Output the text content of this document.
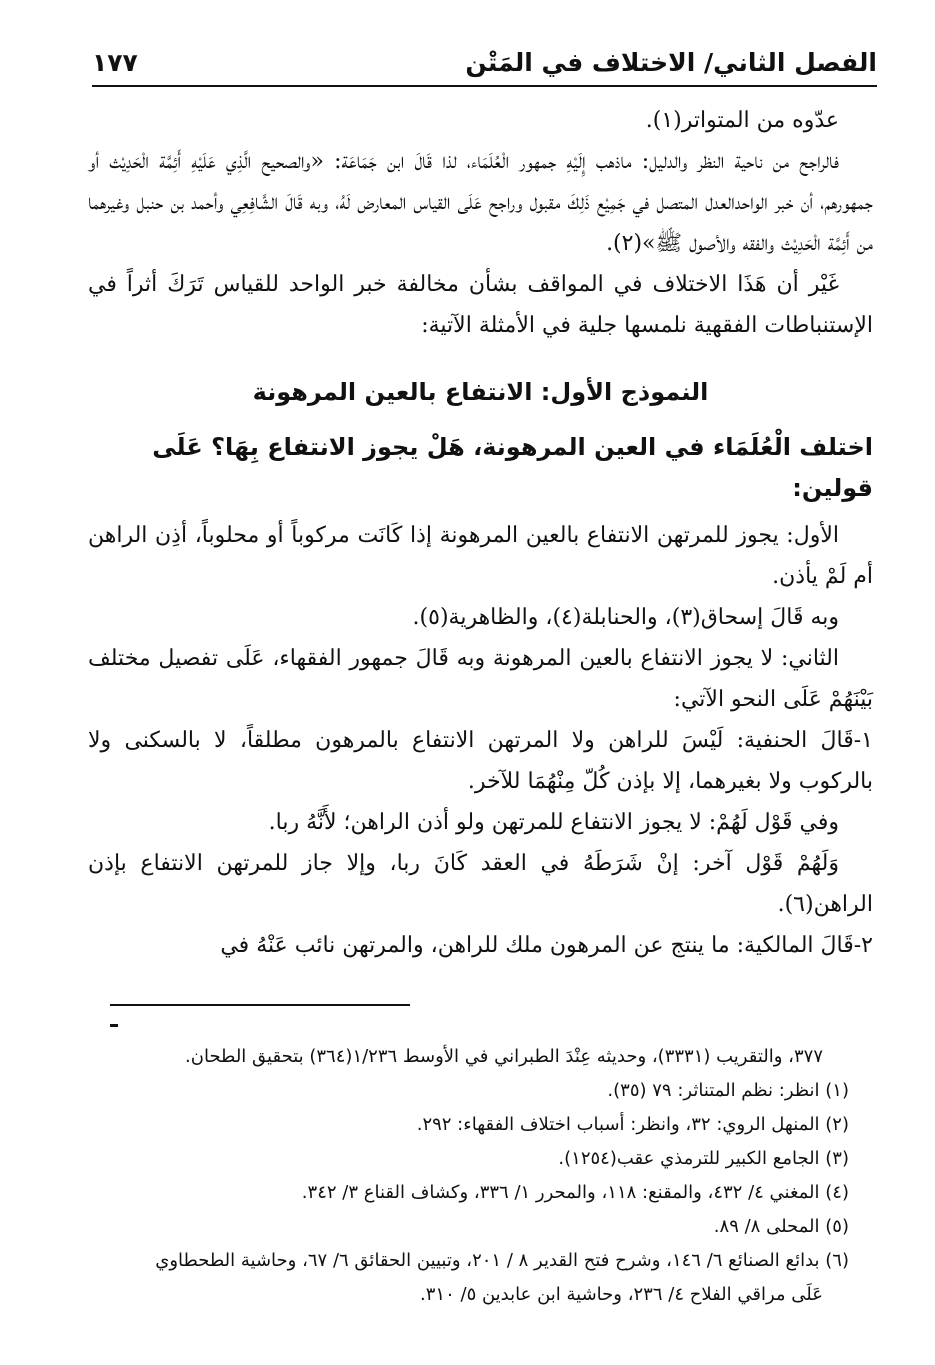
الفصل الثاني/ الاختلاف في المَتْن
١٧٧

عدّوه من المتواتر(١).

فالراجح من ناحية النظر والدليل: ماذهب إِلَيْهِ جمهور الْعُلَمَاء، لذا قَالَ ابن جَمَاعَة: «والصحيح الَّذِي عَلَيْهِ أَئِمَّة الْحَدِيْث أو جمهورهم، أن خبر الواحدالعدل المتصل في جَمِيْع ذَلِكَ مقبول وراجح عَلَى القياس المعارض لَهُ، وبه قَالَ الشَّافِعِي وأحمد بن حنبل وغيرهما من أَئِمَّة الْحَدِيْث والفقه والأصول ﷺ»(٢).

غَيْر أن هَذَا الاختلاف في المواقف بشأن مخالفة خبر الواحد للقياس تَرَكَ أثراً في الإستنباطات الفقهية نلمسها جلية في الأمثلة الآتية:

النموذج الأول: الانتفاع بالعين المرهونة

اختلف الْعُلَمَاء في العين المرهونة، هَلْ يجوز الانتفاع بِهَا؟ عَلَى قولين:

الأول: يجوز للمرتهن الانتفاع بالعين المرهونة إذا كَانَت مركوباً أو محلوباً، أذِن الراهن أم لَمْ يأذن.

وبه قَالَ إسحاق(٣)، والحنابلة(٤)، والظاهرية(٥).

الثاني: لا يجوز الانتفاع بالعين المرهونة وبه قَالَ جمهور الفقهاء، عَلَى تفصيل مختلف بَيْنَهُمْ عَلَى النحو الآتي:

١-قَالَ الحنفية: لَيْسَ للراهن ولا المرتهن الانتفاع بالمرهون مطلقاً، لا بالسكنى ولا بالركوب ولا بغيرهما، إلا بإذن كُلّ مِنْهُمَا للآخر.

وفي قَوْل لَهُمْ: لا يجوز الانتفاع للمرتهن ولو أذن الراهن؛ لأَنَّهُ ربا.

وَلَهُمْ قَوْل آخر: إنْ شَرَطَهُ في العقد كَانَ ربا، وإلا جاز للمرتهن الانتفاع بإذن الراهن(٦).

٢-قَالَ المالكية: ما ينتج عن المرهون ملك للراهن، والمرتهن نائب عَنْهُ في

٣٧٧، والتقريب (٣٣٣١)، وحديثه عِنْدَ الطبراني في الأوسط ١/٢٣٦(٣٦٤) بتحقيق الطحان.

(١) انظر: نظم المتناثر: ٧٩ (٣٥).

(٢) المنهل الروي: ٣٢، وانظر: أسباب اختلاف الفقهاء: ٢٩٢.

(٣) الجامع الكبير للترمذي عقب(١٢٥٤).

(٤) المغني ٤/ ٤٣٢، والمقنع: ١١٨، والمحرر ١/ ٣٣٦، وكشاف القناع ٣/ ٣٤٢.

(٥) المحلى ٨/ ٨٩.

(٦) بدائع الصنائع ٦/ ١٤٦، وشرح فتح القدير ٨ / ٢٠١، وتبيين الحقائق ٦/ ٦٧، وحاشية الطحطاوي

عَلَى مراقي الفلاح ٤/ ٢٣٦، وحاشية ابن عابدين ٥/ ٣١٠.
